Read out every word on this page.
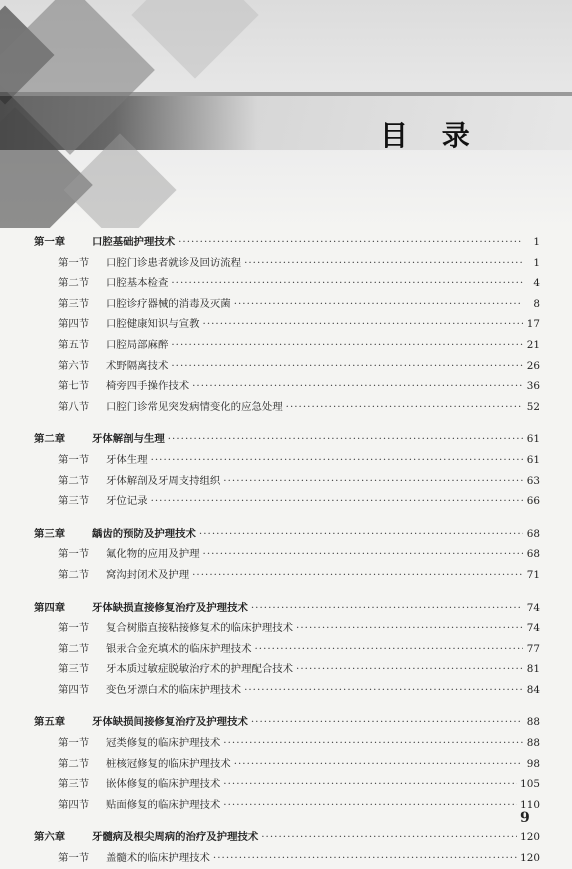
目 录
第一章	口腔基础护理技术 ·····	1
第一节	口腔门诊患者就诊及回访流程 ·····	1
第二节	口腔基本检查 ·····	4
第三节	口腔诊疗器械的消毒及灭菌 ·····	8
第四节	口腔健康知识与宣教 ·····	17
第五节	口腔局部麻醉 ·····	21
第六节	术野隔离技术 ·····	26
第七节	椅旁四手操作技术 ·····	36
第八节	口腔门诊常见突发病情变化的应急处理 ·····	52
第二章	牙体解剖与生理 ·····	61
第一节	牙体生理 ·····	61
第二节	牙体解剖及牙周支持组织 ·····	63
第三节	牙位记录 ·····	66
第三章	龋齿的预防及护理技术 ·····	68
第一节	氟化物的应用及护理 ·····	68
第二节	窝沟封闭术及护理 ·····	71
第四章	牙体缺损直接修复治疗及护理技术 ·····	74
第一节	复合树脂直接粘接修复术的临床护理技术 ·····	74
第二节	银汞合金充填术的临床护理技术 ·····	77
第三节	牙本质过敏症脱敏治疗术的护理配合技术 ·····	81
第四节	变色牙漂白术的临床护理技术 ·····	84
第五章	牙体缺损间接修复治疗及护理技术 ·····	88
第一节	冠类修复的临床护理技术 ·····	88
第二节	桩核冠修复的临床护理技术 ·····	98
第三节	嵌体修复的临床护理技术 ·····	105
第四节	贴面修复的临床护理技术 ·····	110
第六章	牙髓病及根尖周病的治疗及护理技术 ·····	120
第一节	盖髓术的临床护理技术 ·····	120
9
